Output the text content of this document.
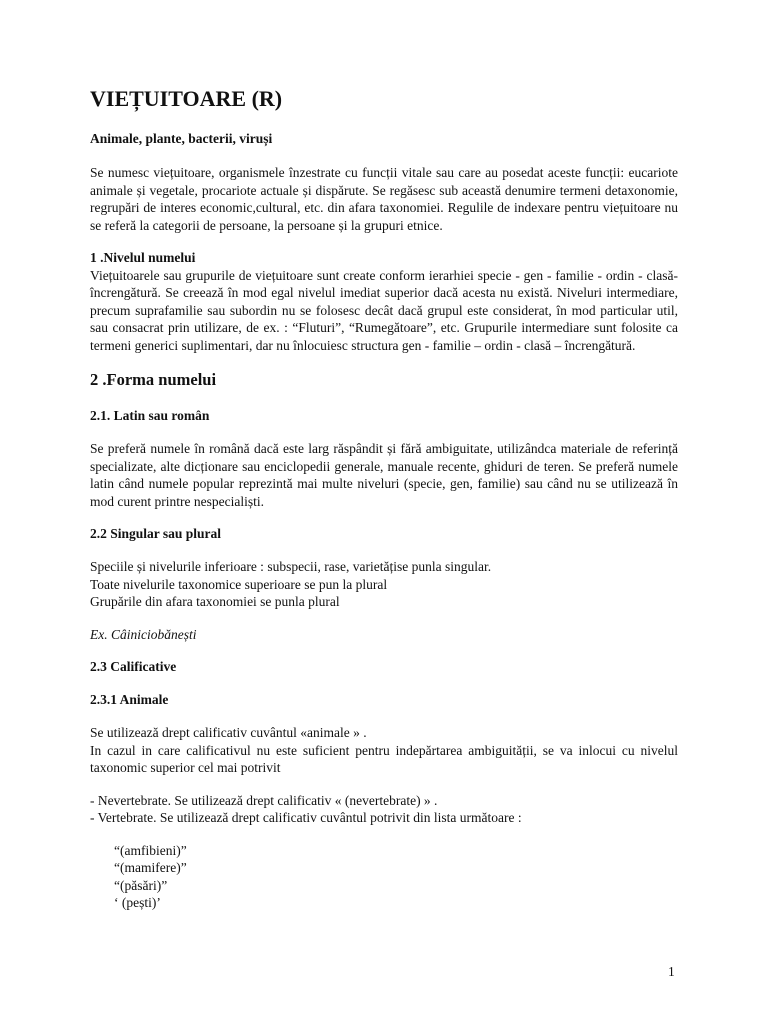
VIEȚUITOARE (R)
Animale, plante, bacterii, viruși

Se numesc viețuitoare, organismele înzestrate cu funcții vitale sau care au posedat aceste funcții: eucariote animale și vegetale, procariote actuale și dispărute. Se regăsesc sub această denumire termeni detaxonomie, regrupări de interes economic,cultural, etc. din afara taxonomiei. Regulile de indexare pentru viețuitoare nu se referă la categorii de persoane, la persoane și la grupuri etnice.

1 .Nivelul numelui

Viețuitoarele sau grupurile de viețuitoare sunt create conform ierarhiei specie - gen - familie - ordin - clasă- încrengătură. Se creează în mod egal nivelul imediat superior dacă acesta nu există. Niveluri intermediare, precum suprafamilie sau subordin nu se folosesc decât dacă grupul este considerat, în mod particular util, sau consacrat prin utilizare, de ex. : “Fluturi”, “Rumegătoare”, etc. Grupurile intermediare sunt folosite ca termeni generici suplimentari, dar nu înlocuiesc structura gen - familie – ordin - clasă – încrengătură.

2 .Forma numelui
2.1. Latin sau român

Se preferă numele în română dacă este larg răspândit și fără ambiguitate, utilizândca materiale de referință specializate, alte dicționare sau enciclopedii generale, manuale recente, ghiduri de teren. Se preferă numele latin când numele popular reprezintă mai multe niveluri (specie, gen, familie) sau când nu se utilizează în mod curent printre nespecialiști.

2.2 Singular sau plural

Speciile și nivelurile inferioare : subspecii, rase, varietățise punla singular.

Toate nivelurile taxonomice superioare se pun la plural

Grupările din afara taxonomiei se punla plural

Ex. Câiniciobănești

2.3 Calificative
2.3.1 Animale

Se utilizează drept calificativ cuvântul «animale » .

In cazul in care calificativul nu este suficient pentru indepărtarea ambiguității, se va inlocui cu nivelul taxonomic superior cel mai potrivit

- Nevertebrate. Se utilizează drept calificativ « (nevertebrate) » .

- Vertebrate. Se utilizează drept calificativ cuvântul potrivit din lista următoare :

“(amfibieni)”

“(mamifere)”

“(păsări)”

‘ (pești)’

1
